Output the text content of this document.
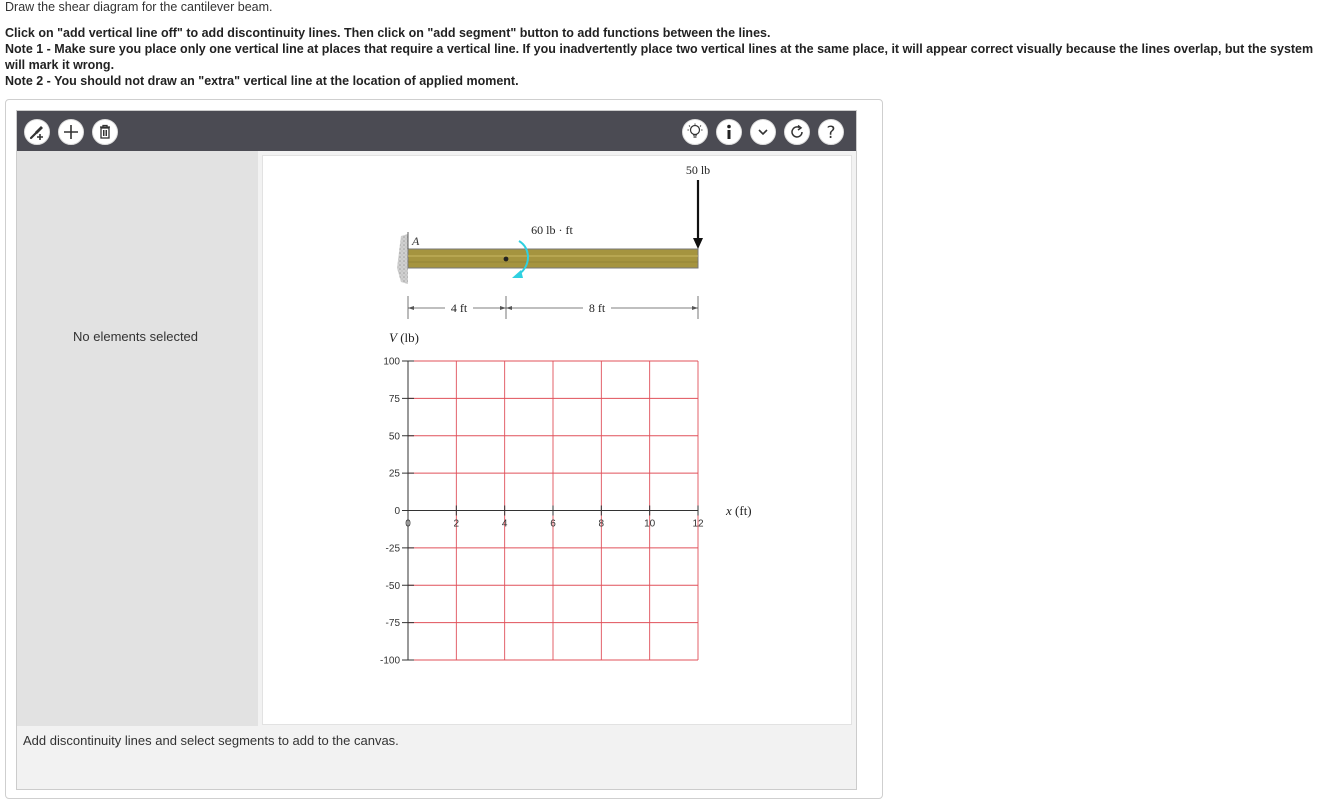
Draw the shear diagram for the cantilever beam.
Click on "add vertical line off" to add discontinuity lines. Then click on "add segment" button to add functions between the lines.
Note 1 - Make sure you place only one vertical line at places that require a vertical line. If you inadvertently place two vertical lines at the same place, it will appear correct visually because the lines overlap, but the system will mark it wrong.
Note 2 - You should not draw an "extra" vertical line at the location of applied moment.
?
No elements selected
A
60 lb · ft
50 lb
4 ft	8 ft
V (lb)
100
75
50
25
0
-25
-50
-75
-100
0	2	4	6	8	10	12
x (ft)
Add discontinuity lines and select segments to add to the canvas.
